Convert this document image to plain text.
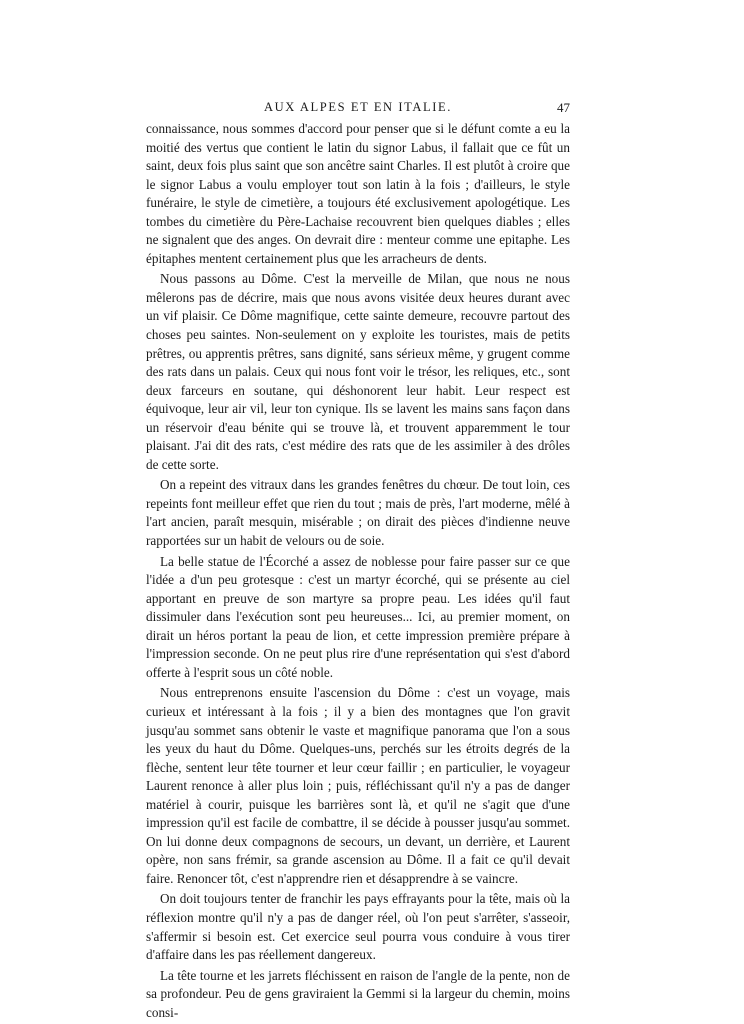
AUX ALPES ET EN ITALIE.	47

connaissance, nous sommes d'accord pour penser que si le défunt comte a eu la moitié des vertus que contient le latin du signor Labus, il fallait que ce fût un saint, deux fois plus saint que son ancêtre saint Charles. Il est plutôt à croire que le signor Labus a voulu employer tout son latin à la fois ; d'ailleurs, le style funéraire, le style de cimetière, a toujours été exclusivement apologétique. Les tombes du cimetière du Père-Lachaise recouvrent bien quelques diables ; elles ne signalent que des anges. On devrait dire : menteur comme une epitaphe. Les épitaphes mentent certainement plus que les arracheurs de dents.

Nous passons au Dôme. C'est la merveille de Milan, que nous ne nous mêlerons pas de décrire, mais que nous avons visitée deux heures durant avec un vif plaisir. Ce Dôme magnifique, cette sainte demeure, recouvre partout des choses peu saintes. Non-seulement on y exploite les touristes, mais de petits prêtres, ou apprentis prêtres, sans dignité, sans sérieux même, y grugent comme des rats dans un palais. Ceux qui nous font voir le trésor, les reliques, etc., sont deux farceurs en soutane, qui déshonorent leur habit. Leur respect est équivoque, leur air vil, leur ton cynique. Ils se lavent les mains sans façon dans un réservoir d'eau bénite qui se trouve là, et trouvent apparemment le tour plaisant. J'ai dit des rats, c'est médire des rats que de les assimiler à des drôles de cette sorte.

On a repeint des vitraux dans les grandes fenêtres du chœur. De tout loin, ces repeints font meilleur effet que rien du tout ; mais de près, l'art moderne, mêlé à l'art ancien, paraît mesquin, misérable ; on dirait des pièces d'indienne neuve rapportées sur un habit de velours ou de soie.

La belle statue de l'Écorché a assez de noblesse pour faire passer sur ce que l'idée a d'un peu grotesque : c'est un martyr écorché, qui se présente au ciel apportant en preuve de son martyre sa propre peau. Les idées qu'il faut dissimuler dans l'exécution sont peu heureuses... Ici, au premier moment, on dirait un héros portant la peau de lion, et cette impression première prépare à l'impression seconde. On ne peut plus rire d'une représentation qui s'est d'abord offerte à l'esprit sous un côté noble.

Nous entreprenons ensuite l'ascension du Dôme : c'est un voyage, mais curieux et intéressant à la fois ; il y a bien des montagnes que l'on gravit jusqu'au sommet sans obtenir le vaste et magnifique panorama que l'on a sous les yeux du haut du Dôme. Quelques-uns, perchés sur les étroits degrés de la flèche, sentent leur tête tourner et leur cœur faillir ; en particulier, le voyageur Laurent renonce à aller plus loin ; puis, réfléchissant qu'il n'y a pas de danger matériel à courir, puisque les barrières sont là, et qu'il ne s'agit que d'une impression qu'il est facile de combattre, il se décide à pousser jusqu'au sommet. On lui donne deux compagnons de secours, un devant, un derrière, et Laurent opère, non sans frémir, sa grande ascension au Dôme. Il a fait ce qu'il devait faire. Renoncer tôt, c'est n'apprendre rien et désapprendre à se vaincre.

On doit toujours tenter de franchir les pays effrayants pour la tête, mais où la réflexion montre qu'il n'y a pas de danger réel, où l'on peut s'arrêter, s'asseoir, s'affermir si besoin est. Cet exercice seul pourra vous conduire à vous tirer d'affaire dans les pas réellement dangereux.

La tête tourne et les jarrets fléchissent en raison de l'angle de la pente, non de sa profondeur. Peu de gens graviraient la Gemmi si la largeur du chemin, moins consi-
